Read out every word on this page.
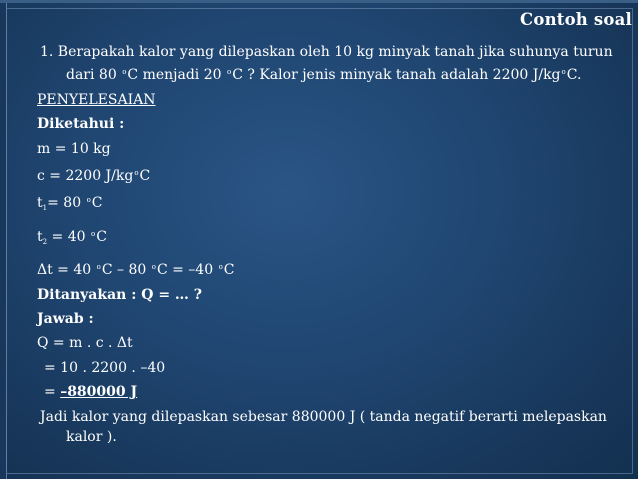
Contoh soal

1. Berapakah kalor yang dilepaskan oleh 10 kg minyak tanah jika suhunya turun dari 80 $^o$C menjadi 20 $^o$C ? Kalor jenis minyak tanah adalah 2200 $J/kg^oC$.

PENYELESAIAN

Diketahui :

m = 10 kg

c = 2200 $J/kg^oC$

$t_1= 80$ $^o$C

$t_2 = 40$ $^o$C

Δt = 40 $^o$C – 80 $^o$C = –40 $^o$C

Ditanyakan : Q = … ?

Jawab :

Q = m . c . Δt

= 10 . 2200 . –40

= –880000 J

Jadi kalor yang dilepaskan sebesar 880000 J ( tanda negatif berarti melepaskan kalor ).
